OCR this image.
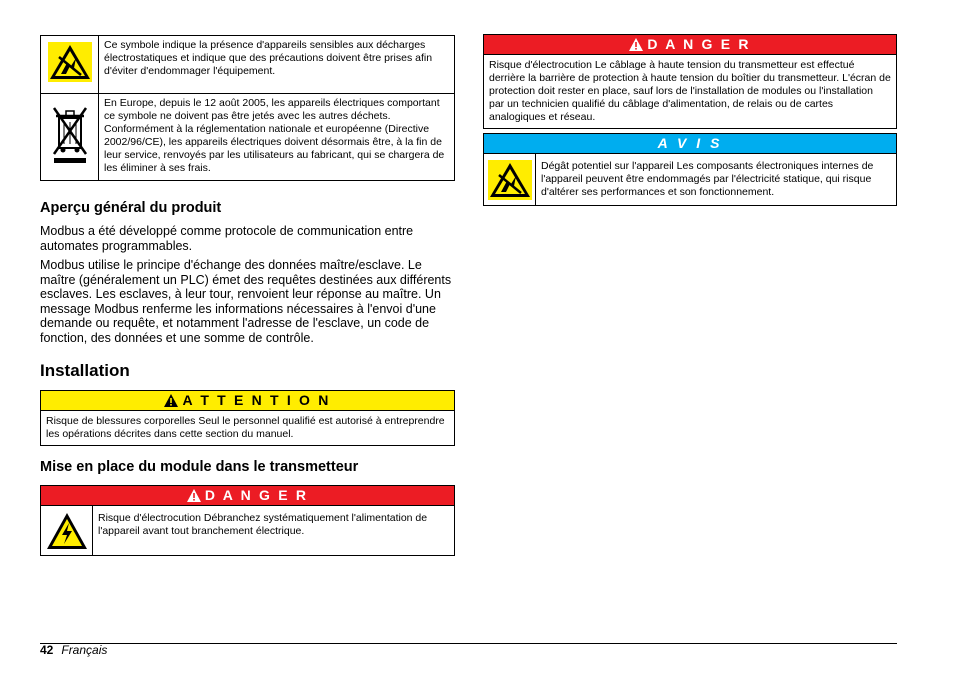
	Ce symbole indique la présence d'appareils sensibles aux décharges électrostatiques et indique que des précautions doivent être prises afin d'éviter d'endommager l'équipement.
	En Europe, depuis le 12 août 2005, les appareils électriques comportant ce symbole ne doivent pas être jetés avec les autres déchets. Conformément à la réglementation nationale et européenne (Directive 2002/96/CE), les appareils électriques doivent désormais être, à la fin de leur service, renvoyés par les utilisateurs au fabricant, qui se chargera de les éliminer à ses frais.
Aperçu général du produit

Modbus a été développé comme protocole de communication entre automates programmables.

Modbus utilise le principe d'échange des données maître/esclave. Le maître (généralement un PLC) émet des requêtes destinées aux différents esclaves. Les esclaves, à leur tour, renvoient leur réponse au maître. Un message Modbus renferme les informations nécessaires à l'envoi d'une demande ou requête, et notamment l'adresse de l'esclave, un code de fonction, des données et une somme de contrôle.

Installation
A T T E N T I O N
Risque de blessures corporelles Seul le personnel qualifié est autorisé à entreprendre les opérations décrites dans cette section du manuel.
Mise en place du module dans le transmetteur
D A N G E R
Risque d'électrocution Débranchez systématiquement l'alimentation de l'appareil avant tout branchement électrique.
D A N G E R
Risque d'électrocution Le câblage à haute tension du transmetteur est effectué derrière la barrière de protection à haute tension du boîtier du transmetteur. L'écran de protection doit rester en place, sauf lors de l'installation de modules ou l'installation par un technicien qualifié du câblage d'alimentation, de relais ou de cartes analogiques et réseau.
A V I S
Dégât potentiel sur l'appareil Les composants électroniques internes de l'appareil peuvent être endommagés par l'électricité statique, qui risque d'altérer ses performances et son fonctionnement.
42 Français
